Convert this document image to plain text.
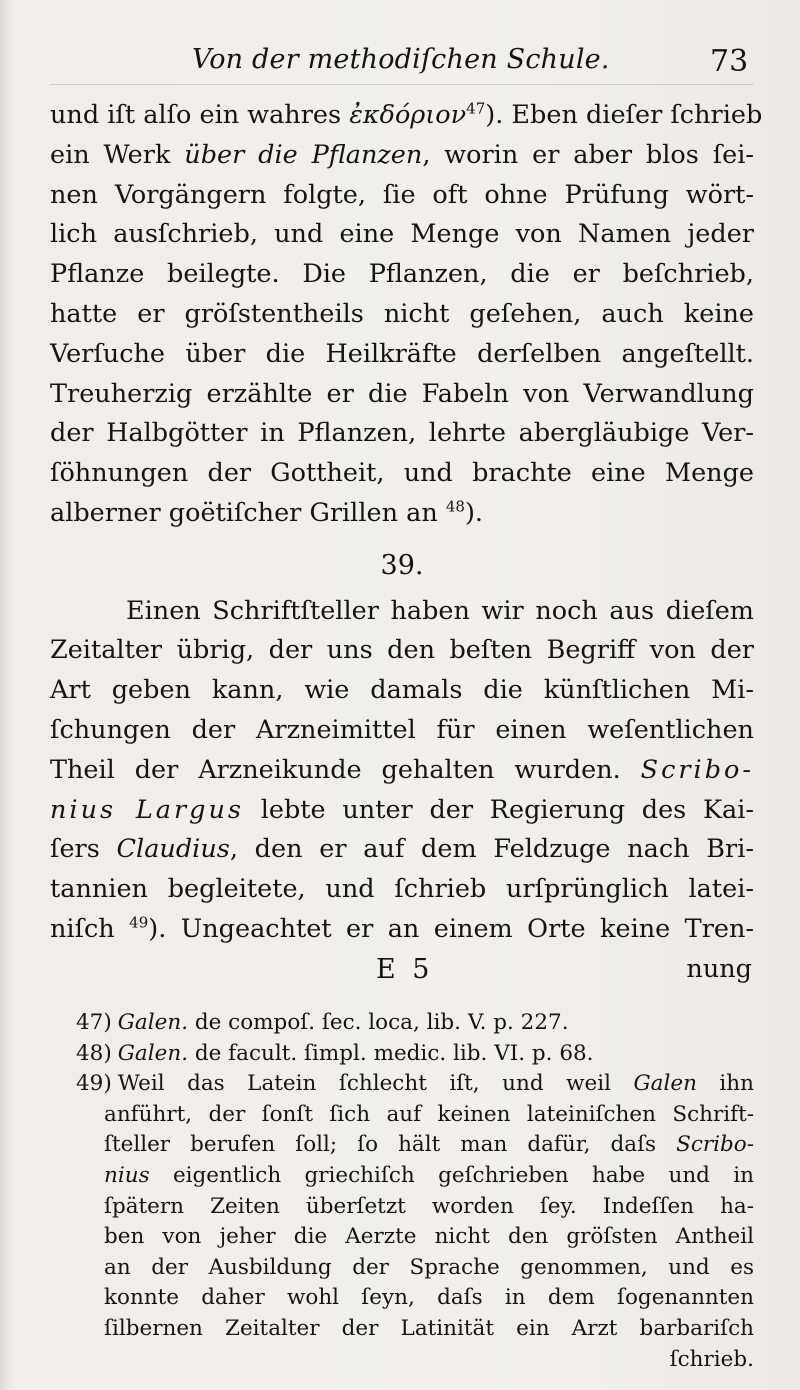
Von der methodiſchen Schule.	73
und iſt alſo ein wahres ἐκδόριον$^{47}$). Eben dieſer ſchrieb
ein Werk über die Pflanzen, worin er aber blos ſei-
nen Vorgängern folgte, ſie oft ohne Prüfung wört-
lich ausſchrieb, und eine Menge von Namen jeder
Pflanze beilegte. Die Pflanzen, die er beſchrieb,
hatte er gröſstentheils nicht geſehen, auch keine
Verſuche über die Heilkräfte derſelben angeſtellt.
Treuherzig erzählte er die Fabeln von Verwandlung
der Halbgötter in Pflanzen, lehrte abergläubige Ver-
ſöhnungen der Gottheit, und brachte eine Menge
alberner goëtiſcher Grillen an $^{48}$).
39.
Einen Schriftſteller haben wir noch aus dieſem
Zeitalter übrig, der uns den beſten Begriff von der
Art geben kann, wie damals die künſtlichen Mi-
ſchungen der Arzneimittel für einen weſentlichen
Theil der Arzneikunde gehalten wurden. Scribo-
nius Largus lebte unter der Regierung des Kai-
ſers Claudius, den er auf dem Feldzuge nach Bri-
tannien begleitete, und ſchrieb urſprünglich latei-
niſch $^{49}$). Ungeachtet er an einem Orte keine Tren-
E 5	nung
47) Galen. de compoſ. ſec. loca, lib. V. p. 227.
48) Galen. de facult. ſimpl. medic. lib. VI. p. 68.
49) Weil das Latein ſchlecht iſt, und weil Galen ihn
anführt, der ſonſt ſich auf keinen lateiniſchen Schrift-
ſteller berufen ſoll; ſo hält man dafür, daſs Scribo-
nius eigentlich griechiſch geſchrieben habe und in
ſpätern Zeiten überſetzt worden ſey. Indeſſen ha-
ben von jeher die Aerzte nicht den gröſsten Antheil
an der Ausbildung der Sprache genommen, und es
konnte daher wohl ſeyn, daſs in dem ſogenannten
ſilbernen Zeitalter der Latinität ein Arzt barbariſch
ſchrieb.
